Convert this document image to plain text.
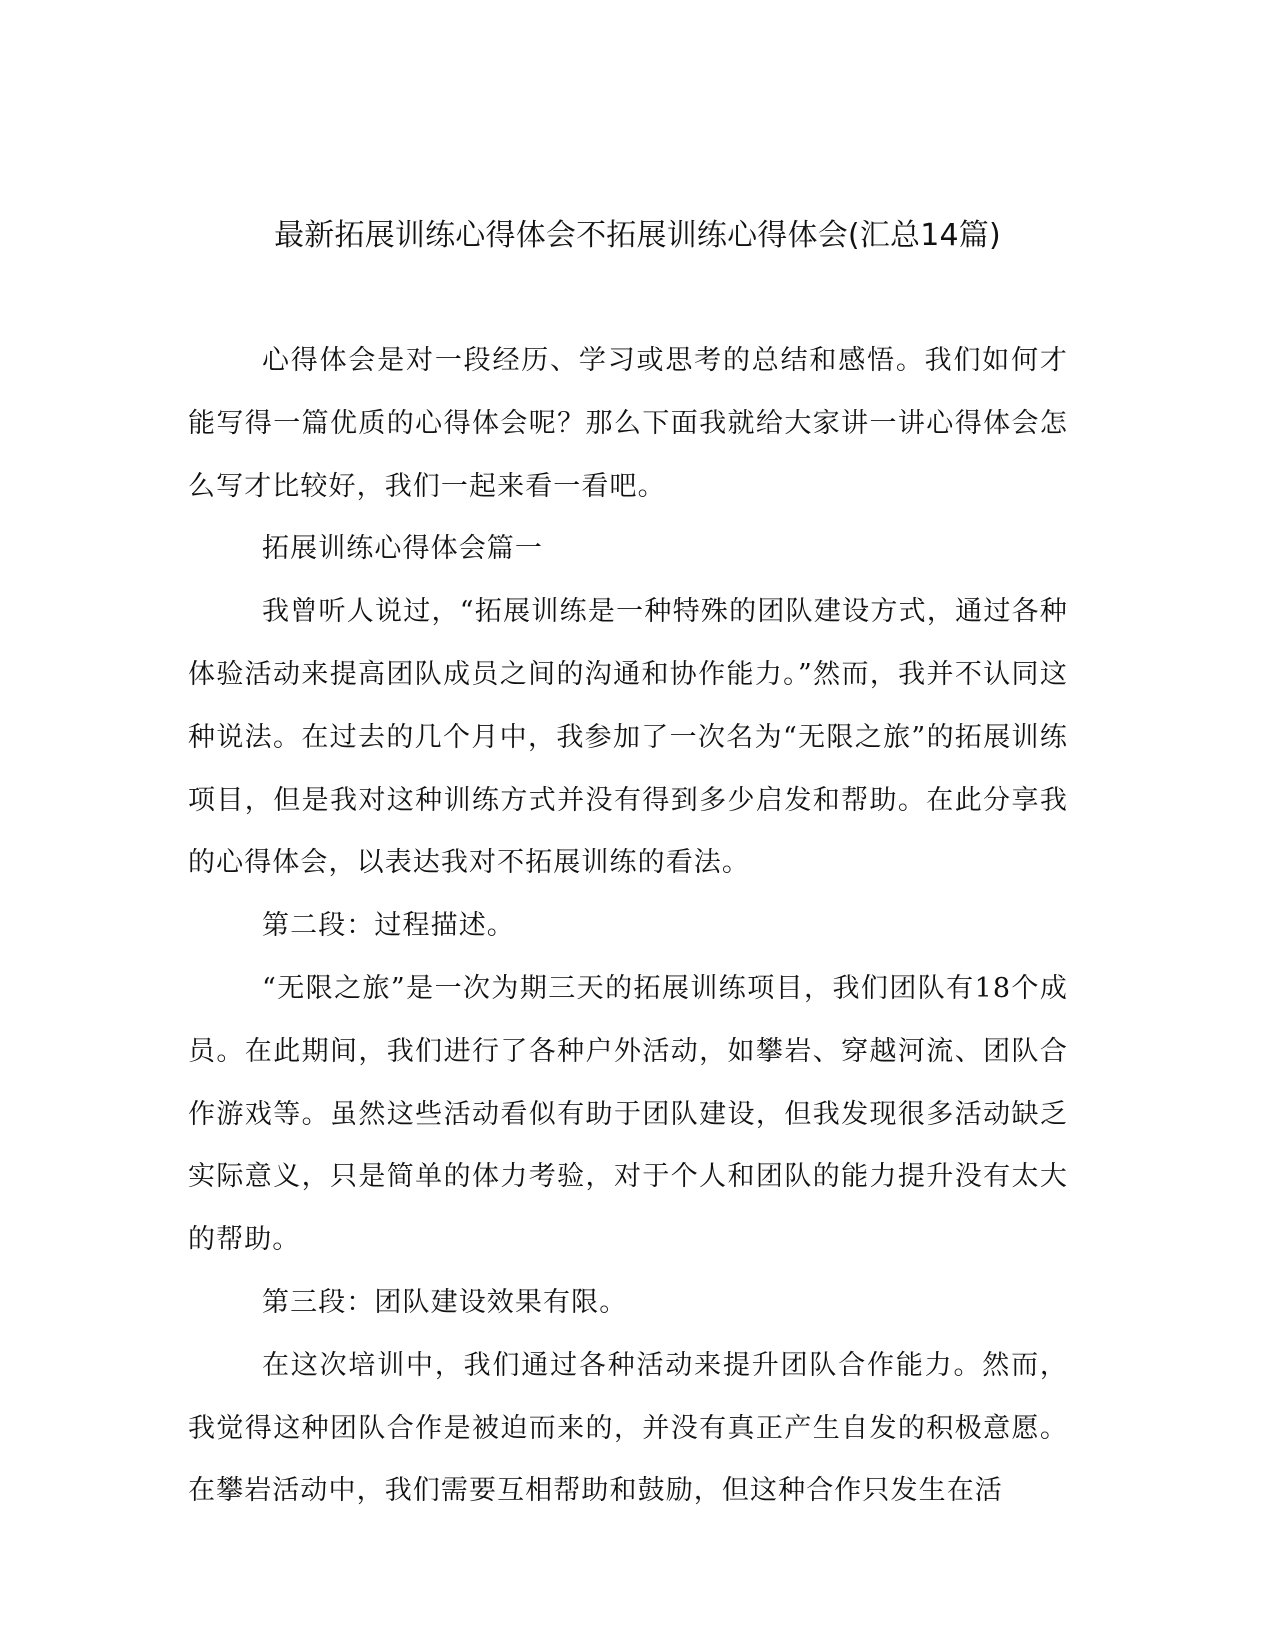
最新拓展训练心得体会不拓展训练心得体会(汇总14篇)

心得体会是对一段经历、学习或思考的总结和感悟。我们如何才能写得一篇优质的心得体会呢？那么下面我就给大家讲一讲心得体会怎么写才比较好，我们一起来看一看吧。

拓展训练心得体会篇一

我曾听人说过，“拓展训练是一种特殊的团队建设方式，通过各种体验活动来提高团队成员之间的沟通和协作能力。”然而，我并不认同这种说法。在过去的几个月中，我参加了一次名为“无限之旅”的拓展训练项目，但是我对这种训练方式并没有得到多少启发和帮助。在此分享我的心得体会，以表达我对不拓展训练的看法。

第二段：过程描述。

“无限之旅”是一次为期三天的拓展训练项目，我们团队有18个成员。在此期间，我们进行了各种户外活动，如攀岩、穿越河流、团队合作游戏等。虽然这些活动看似有助于团队建设，但我发现很多活动缺乏实际意义，只是简单的体力考验，对于个人和团队的能力提升没有太大的帮助。

第三段：团队建设效果有限。

在这次培训中，我们通过各种活动来提升团队合作能力。然而，我觉得这种团队合作是被迫而来的，并没有真正产生自发的积极意愿。在攀岩活动中，我们需要互相帮助和鼓励，但这种合作只发生在活
